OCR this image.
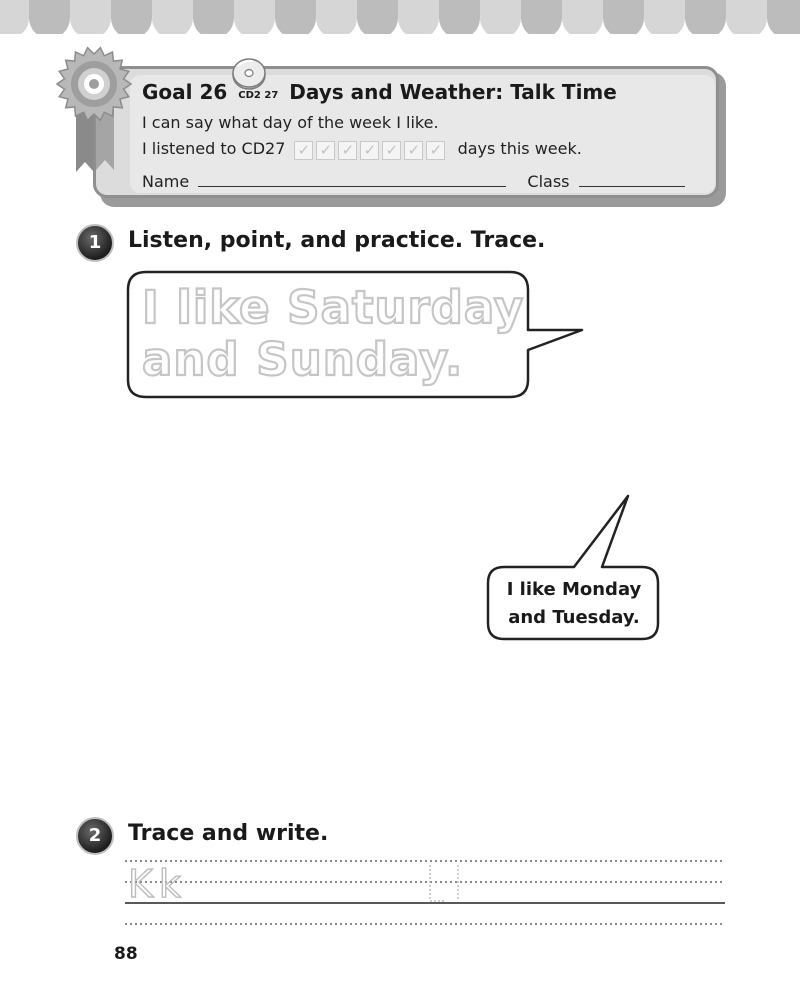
Goal 26 CD2 27 Days and Weather: Talk Time
I can say what day of the week I like.
I listened to CD27 ✓ ✓ ✓ ✓ ✓ ✓ ✓ days this week.
Name	Class
1	Listen, point, and practice. Trace.
I like Saturday
and Sunday.
I like Monday
and Tuesday.
2	Trace and write.
Kk
88
